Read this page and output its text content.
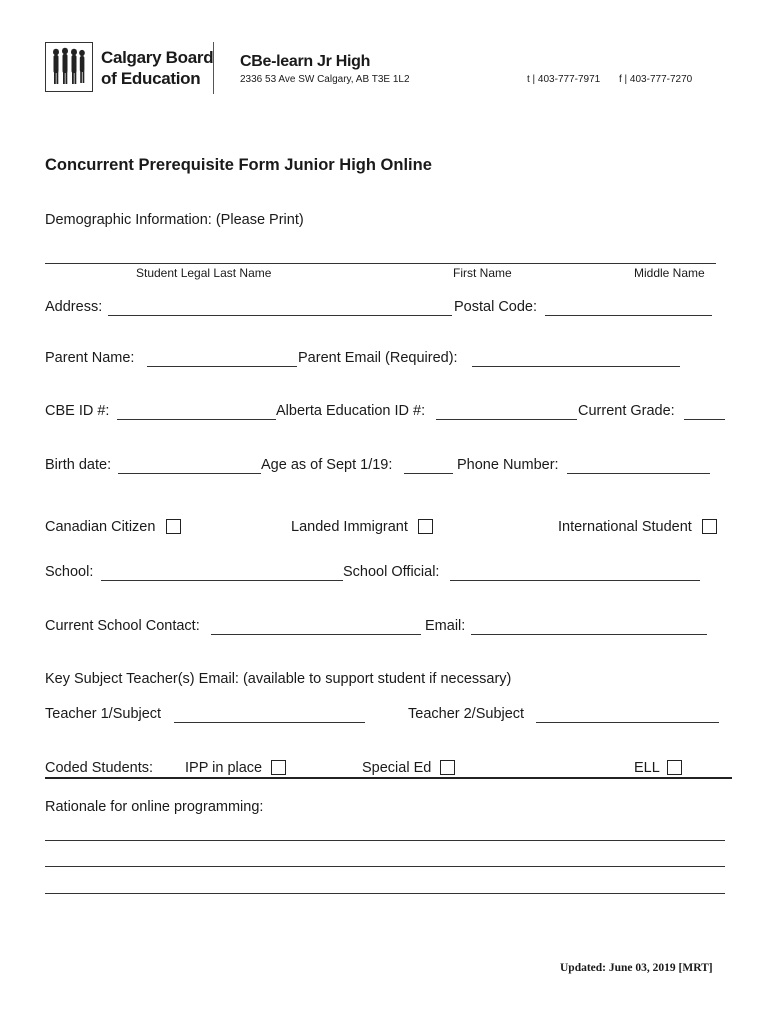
Calgary Board
of Education
CBe-learn Jr High
2336 53 Ave SW Calgary, AB T3E 1L2	t | 403-777-7971 f | 403-777-7270
Concurrent Prerequisite Form Junior High Online
Demographic Information: (Please Print)
Student Legal Last Name	First Name	Middle Name
Address:	Postal Code:
Parent Name:	Parent Email (Required):
CBE ID #:	Alberta Education ID #:	Current Grade:
Birth date:	Age as of Sept 1/19:	Phone Number:
Canadian Citizen	Landed Immigrant	International Student
School:	School Official:
Current School Contact:	Email:
Key Subject Teacher(s) Email: (available to support student if necessary)
Teacher 1/Subject	Teacher 2/Subject
Coded Students: IPP in place	Special Ed	ELL
Rationale for online programming:
Updated: June 03, 2019 [MRT]
